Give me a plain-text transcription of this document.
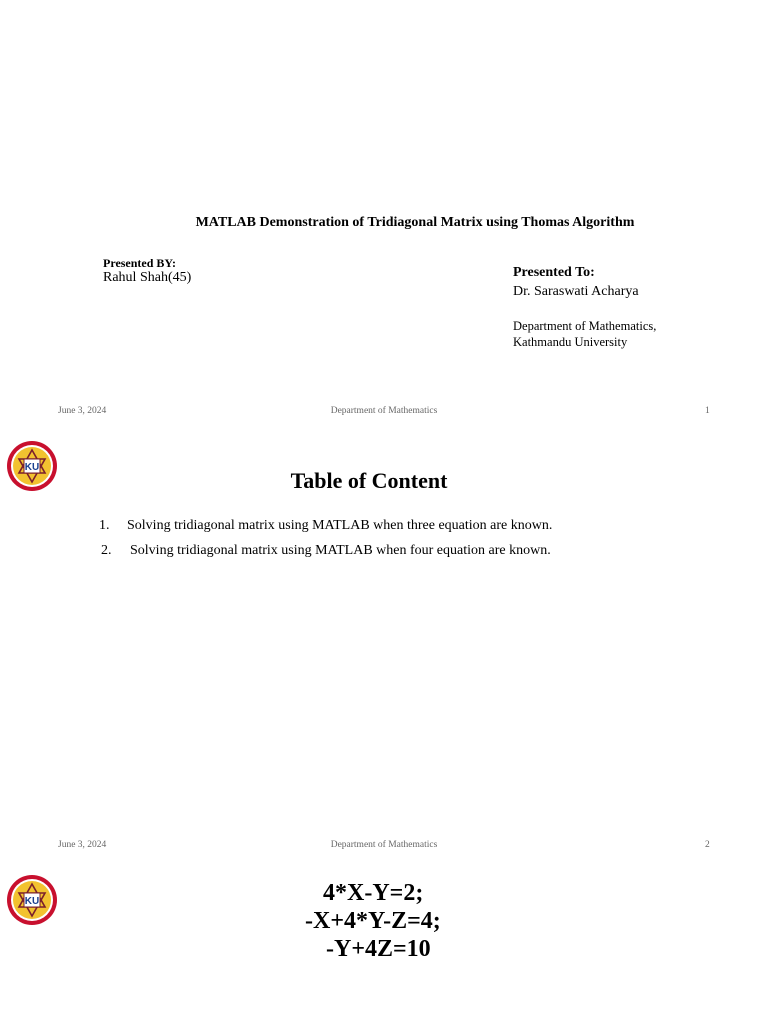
MATLAB Demonstration of Tridiagonal Matrix using Thomas Algorithm
Presented BY:
Rahul Shah(45)	Presented To:
Dr. Saraswati Acharya
Department of Mathematics,
Kathmandu University
June 3, 2024	Department of Mathematics	1
KU
Table of Content
1. Solving tridiagonal matrix using MATLAB when three equation are known.
2. Solving tridiagonal matrix using MATLAB when four equation are known.
June 3, 2024	Department of Mathematics	2
KU	4*X-Y=2;
-X+4*Y-Z=4;
-Y+4Z=10
